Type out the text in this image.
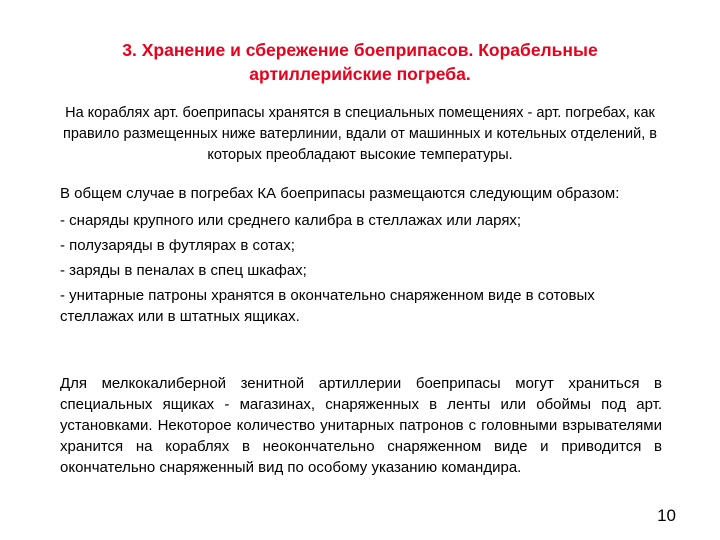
3. Хранение и сбережение боеприпасов. Корабельные артиллерийские погреба.
На кораблях арт. боеприпасы хранятся в специальных помещениях - арт. погребах, как правило размещенных ниже ватерлинии, вдали от машинных и котельных отделений, в которых преобладают высокие температуры.

В общем случае в погребах КА боеприпасы размещаются следующим образом:

- снаряды крупного или среднего калибра в стеллажах или ларях;

- полузаряды в футлярах в сотах;

- заряды в пеналах в спец шкафах;

- унитарные патроны хранятся в окончательно снаряженном виде в сотовых стеллажах или в штатных ящиках.

Для мелкокалиберной зенитной артиллерии боеприпасы могут храниться в специальных ящиках - магазинах, снаряженных в ленты или обоймы под арт. установками. Некоторое количество унитарных патронов с головными взрывателями хранится на кораблях в неокончательно снаряженном виде и приводится в окончательно снаряженный вид по особому указанию командира.

10
